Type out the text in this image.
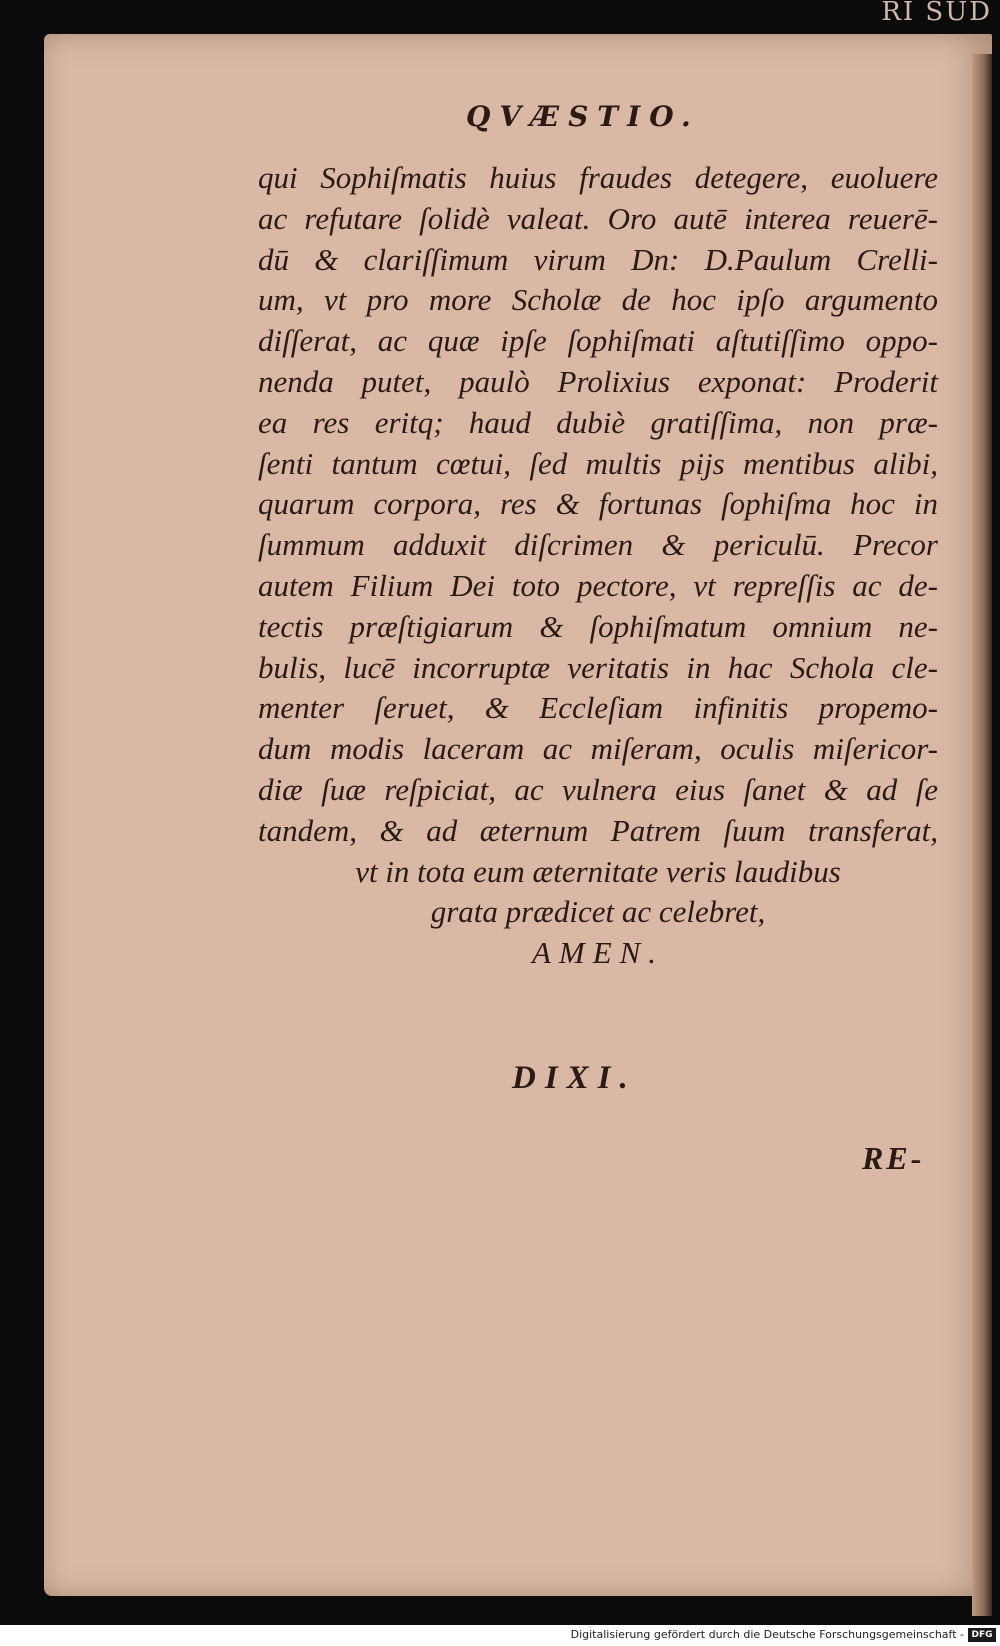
RI SUD
QVÆSTIO.
qui Sophiſmatis huius fraudes detegere, euoluere
ac refutare ſolidè valeat. Oro autē interea reuerē-
dū & clariſſimum virum Dn: D.Paulum Crelli-
um, vt pro more Scholæ de hoc ipſo argumento
diſſerat, ac quæ ipſe ſophiſmati aſtutiſſimo oppo-
nenda putet, paulò Prolixius exponat: Proderit
ea res eritq; haud dubiè gratiſſima, non præ-
ſenti tantum cœtui, ſed multis pijs mentibus alibi,
quarum corpora, res & fortunas ſophiſma hoc in
ſummum adduxit diſcrimen & periculū. Precor
autem Filium Dei toto pectore, vt repreſſis ac de-
tectis præſtigiarum & ſophiſmatum omnium ne-
bulis, lucē incorruptæ veritatis in hac Schola cle-
menter ſeruet, & Eccleſiam infinitis propemo-
dum modis laceram ac miſeram, oculis miſericor-
diæ ſuæ reſpiciat, ac vulnera eius ſanet & ad ſe
tandem, & ad æternum Patrem ſuum transferat,
vt in tota eum æternitate veris laudibus
grata prædicet ac celebret,
AMEN.
DIXI.
RE-
Digitalisierung gefördert durch die Deutsche Forschungsgemeinschaft - DFG
